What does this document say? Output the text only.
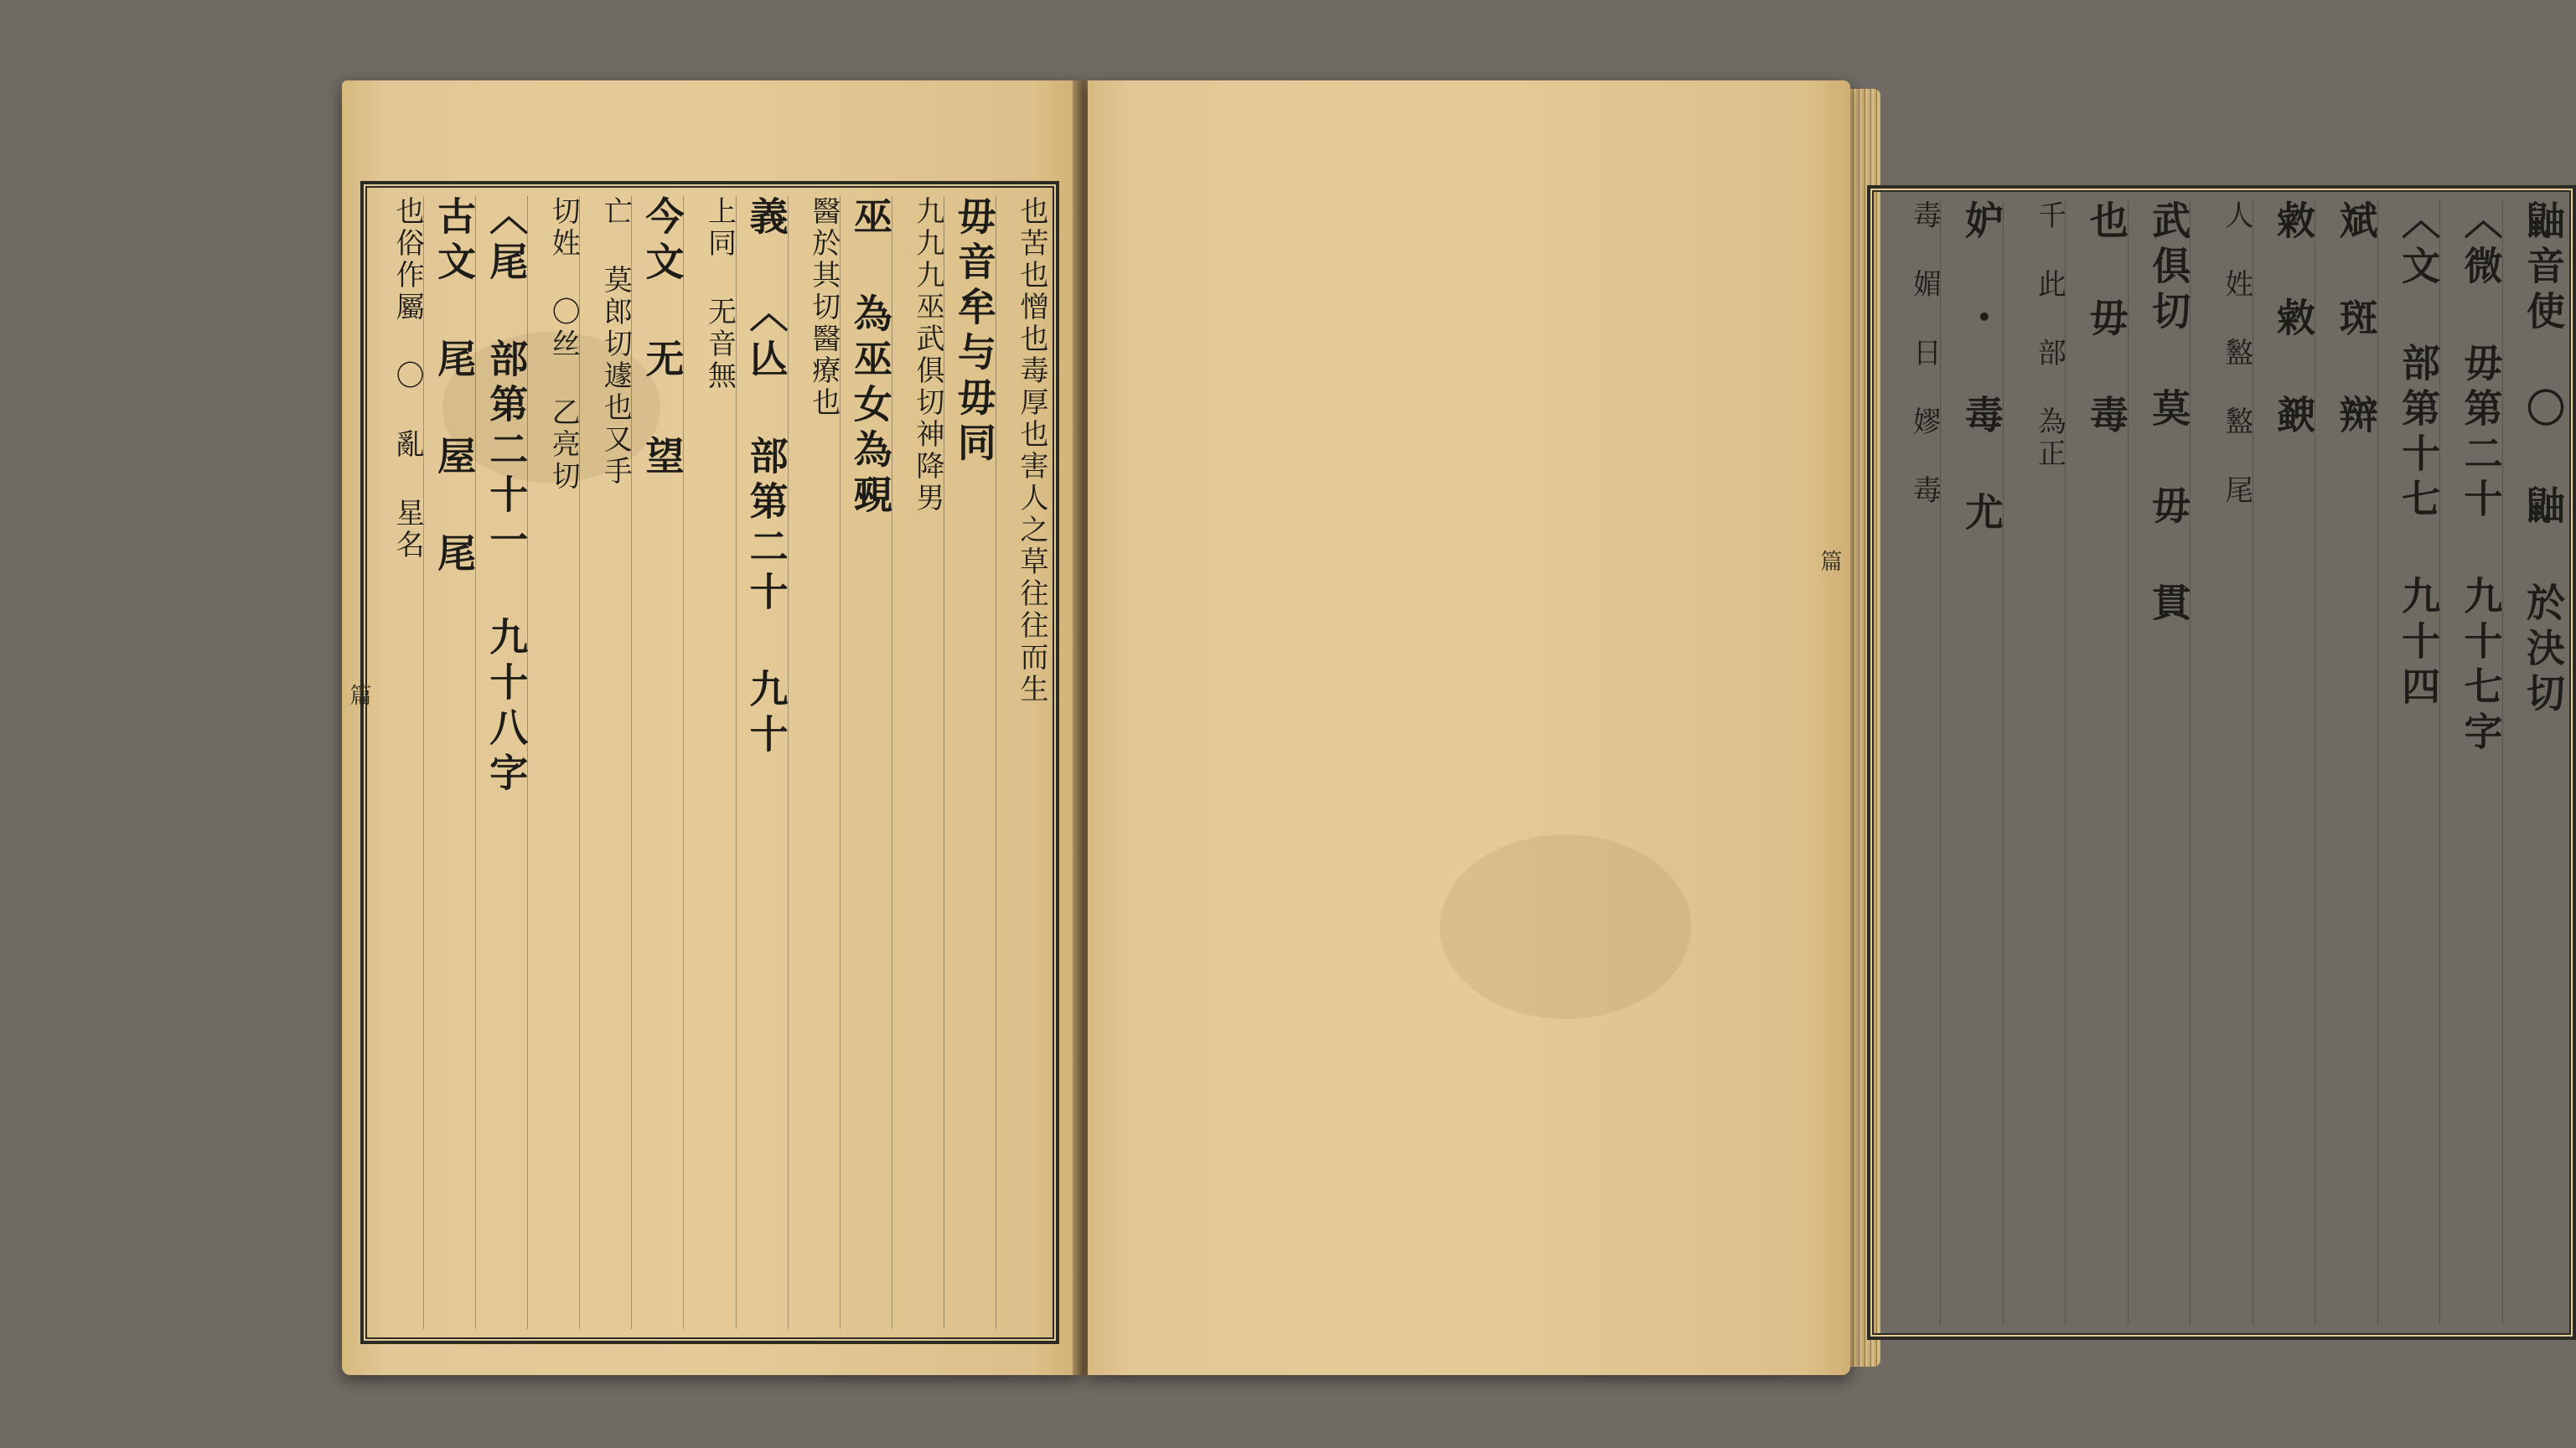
也苦也憎也毒厚也害人之草往往而生
毋音牟与毋同
九九九巫武俱切神降男
巫 為巫女為覡
醫於其切醫療也
義 〈亾 部第二十 九十
上同 无音無
今文 无 望
亡 莫郎切遽也又手
切姓 〇丝 乙亮切
〈尾 部第二十一 九十八字
古文 尾 屋 尾
也俗作屬 〇 亂 星名
篇	鼬音使 〇 鼬 於決切
〈微 毋第二十 九十七字
〈文 部第十七 九十四
斌 斑 辬
敹 敹 斔
人 姓 盭 盭 尾
武俱切 莫 毋 貫
也 毋 毒
千 此 部 為正
妒 ・ 毒 尤
毒 媚 日 嫪 毒
篇
